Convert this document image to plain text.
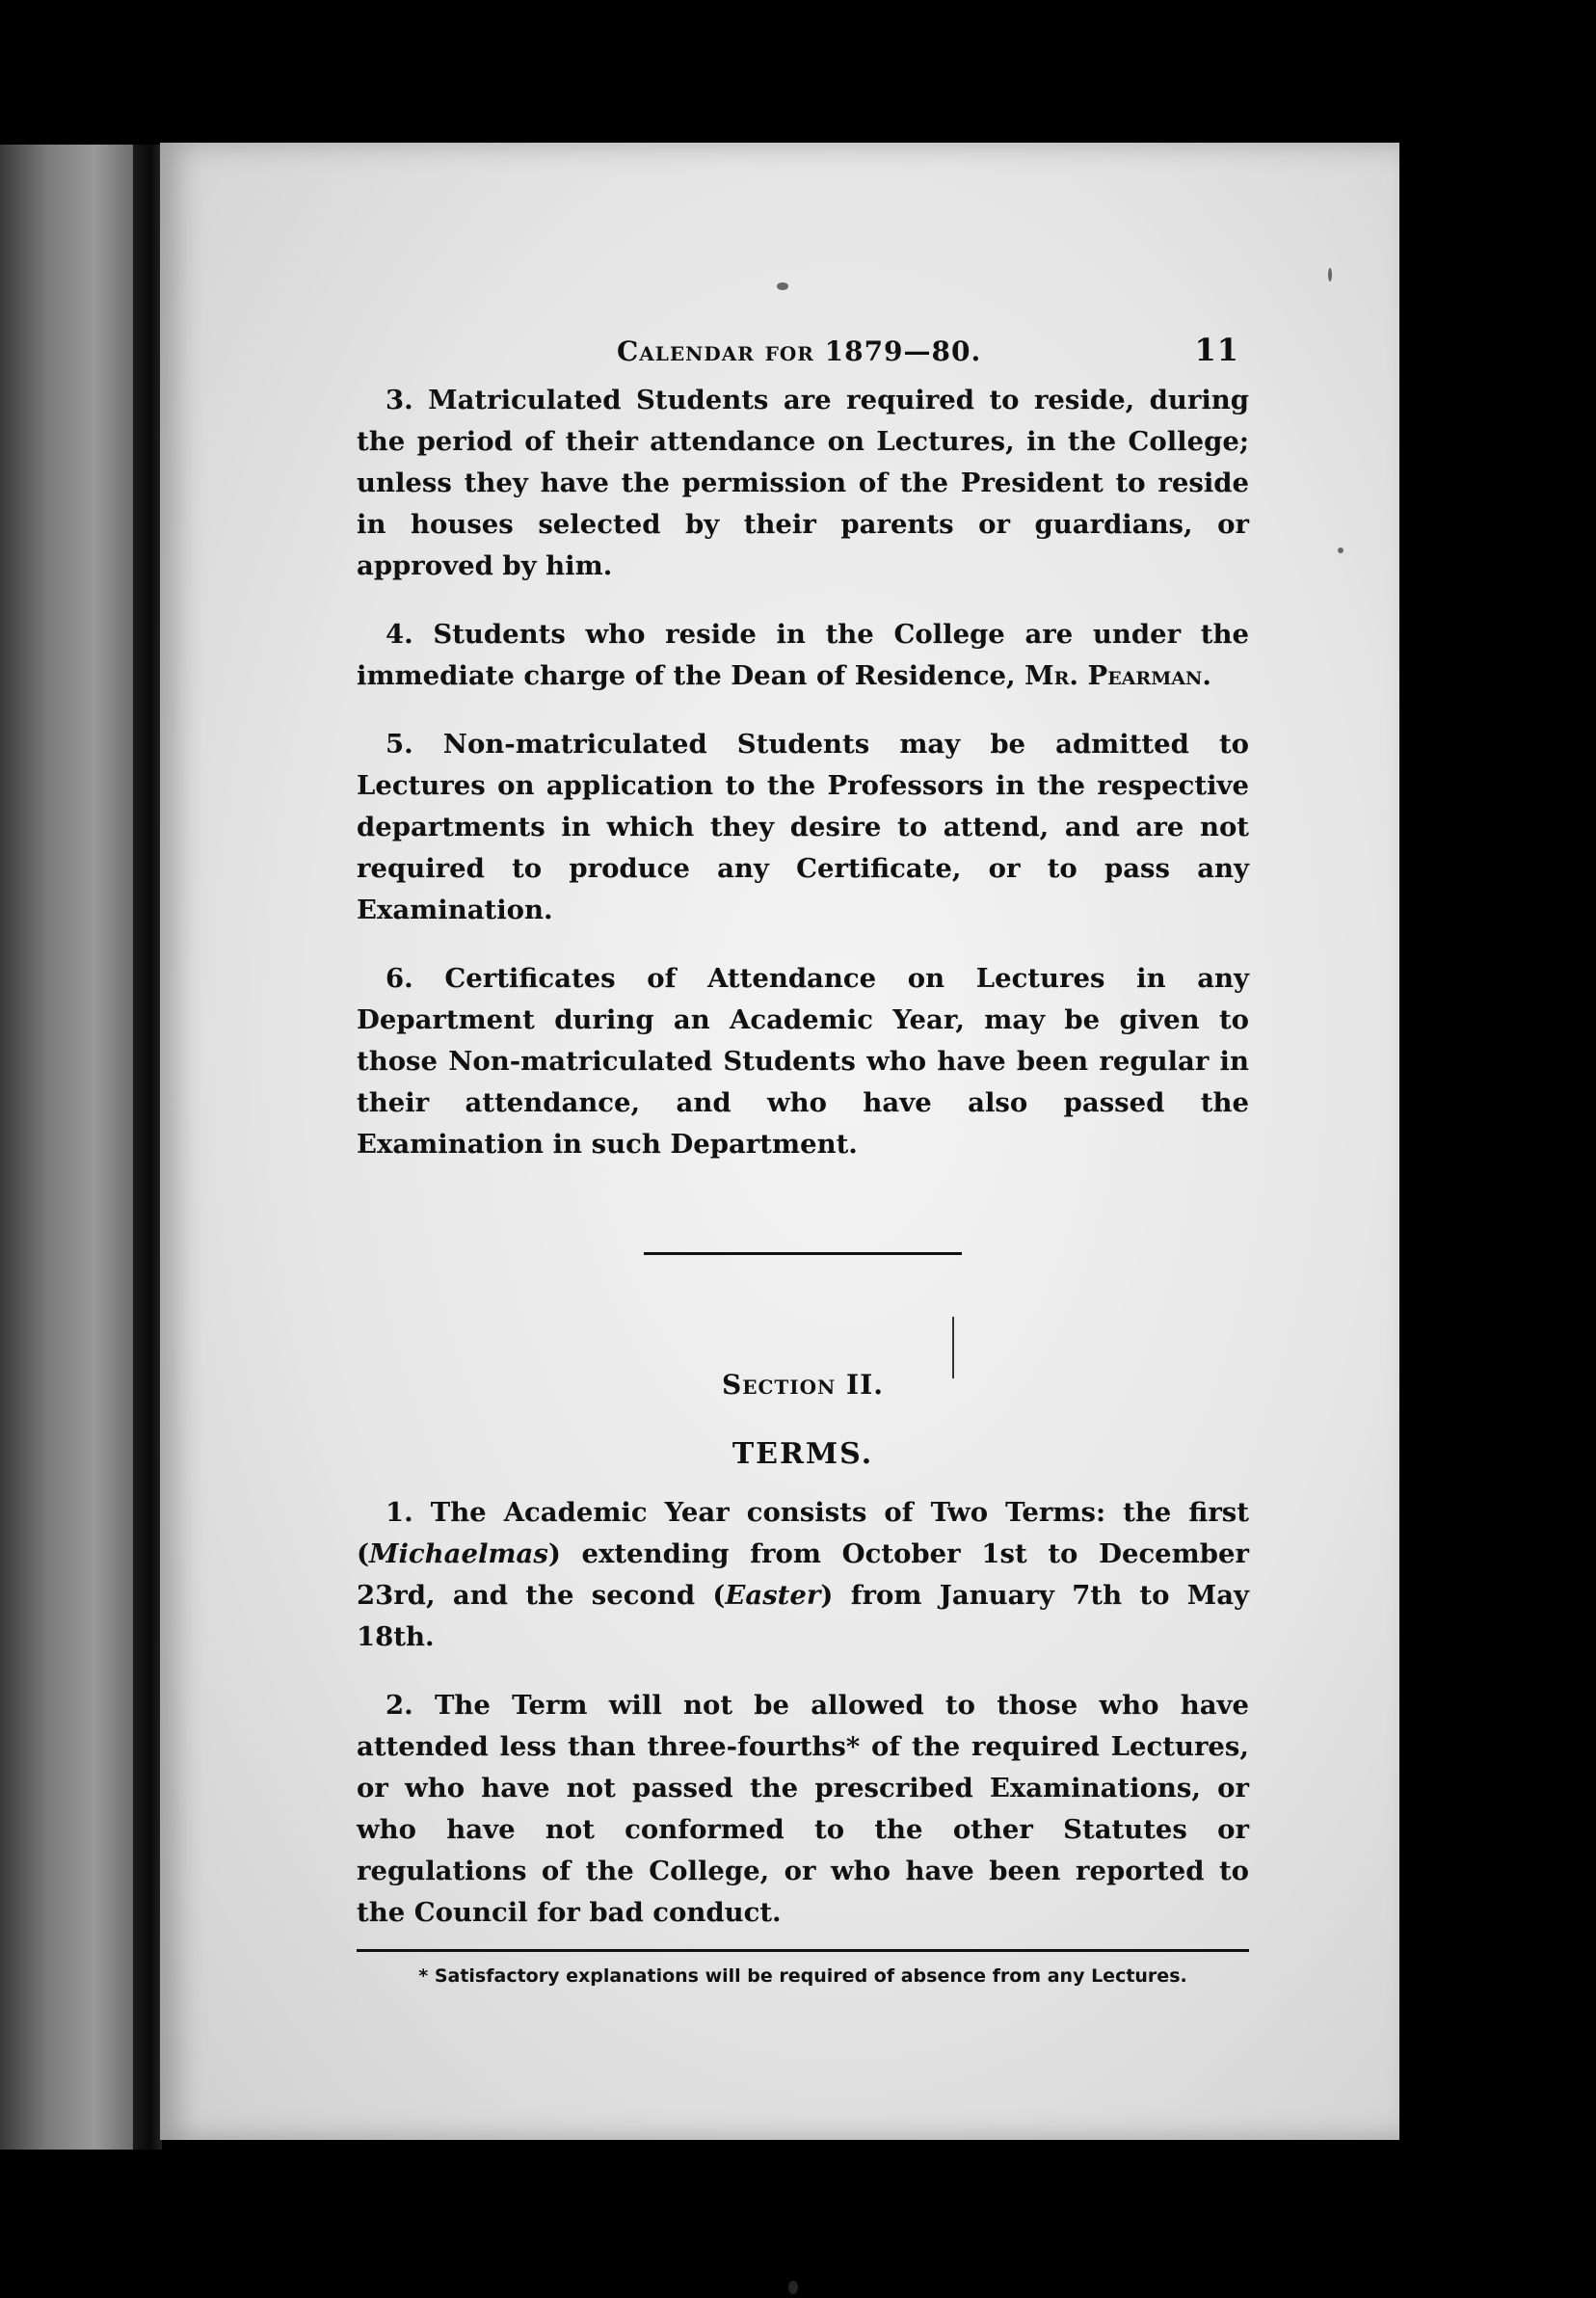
Calendar for 1879—80.	11

3. Matriculated Students are required to reside, during the period of their attendance on Lectures, in the College; unless they have the permission of the President to reside in houses selected by their parents or guardians, or approved by him.

4. Students who reside in the College are under the immediate charge of the Dean of Residence, Mr. Pearman.

5. Non-matriculated Students may be admitted to Lectures on application to the Professors in the respective departments in which they desire to attend, and are not required to produce any Certificate, or to pass any Examination.

6. Certificates of Attendance on Lectures in any Department during an Academic Year, may be given to those Non-matriculated Students who have been regular in their attendance, and who have also passed the Examination in such Department.

Section II.
TERMS.

1. The Academic Year consists of Two Terms: the first (Michaelmas) extending from October 1st to December 23rd, and the second (Easter) from January 7th to May 18th.

2. The Term will not be allowed to those who have attended less than three-fourths* of the required Lectures, or who have not passed the prescribed Examinations, or who have not conformed to the other Statutes or regulations of the College, or who have been reported to the Council for bad conduct.

* Satisfactory explanations will be required of absence from any Lectures.
